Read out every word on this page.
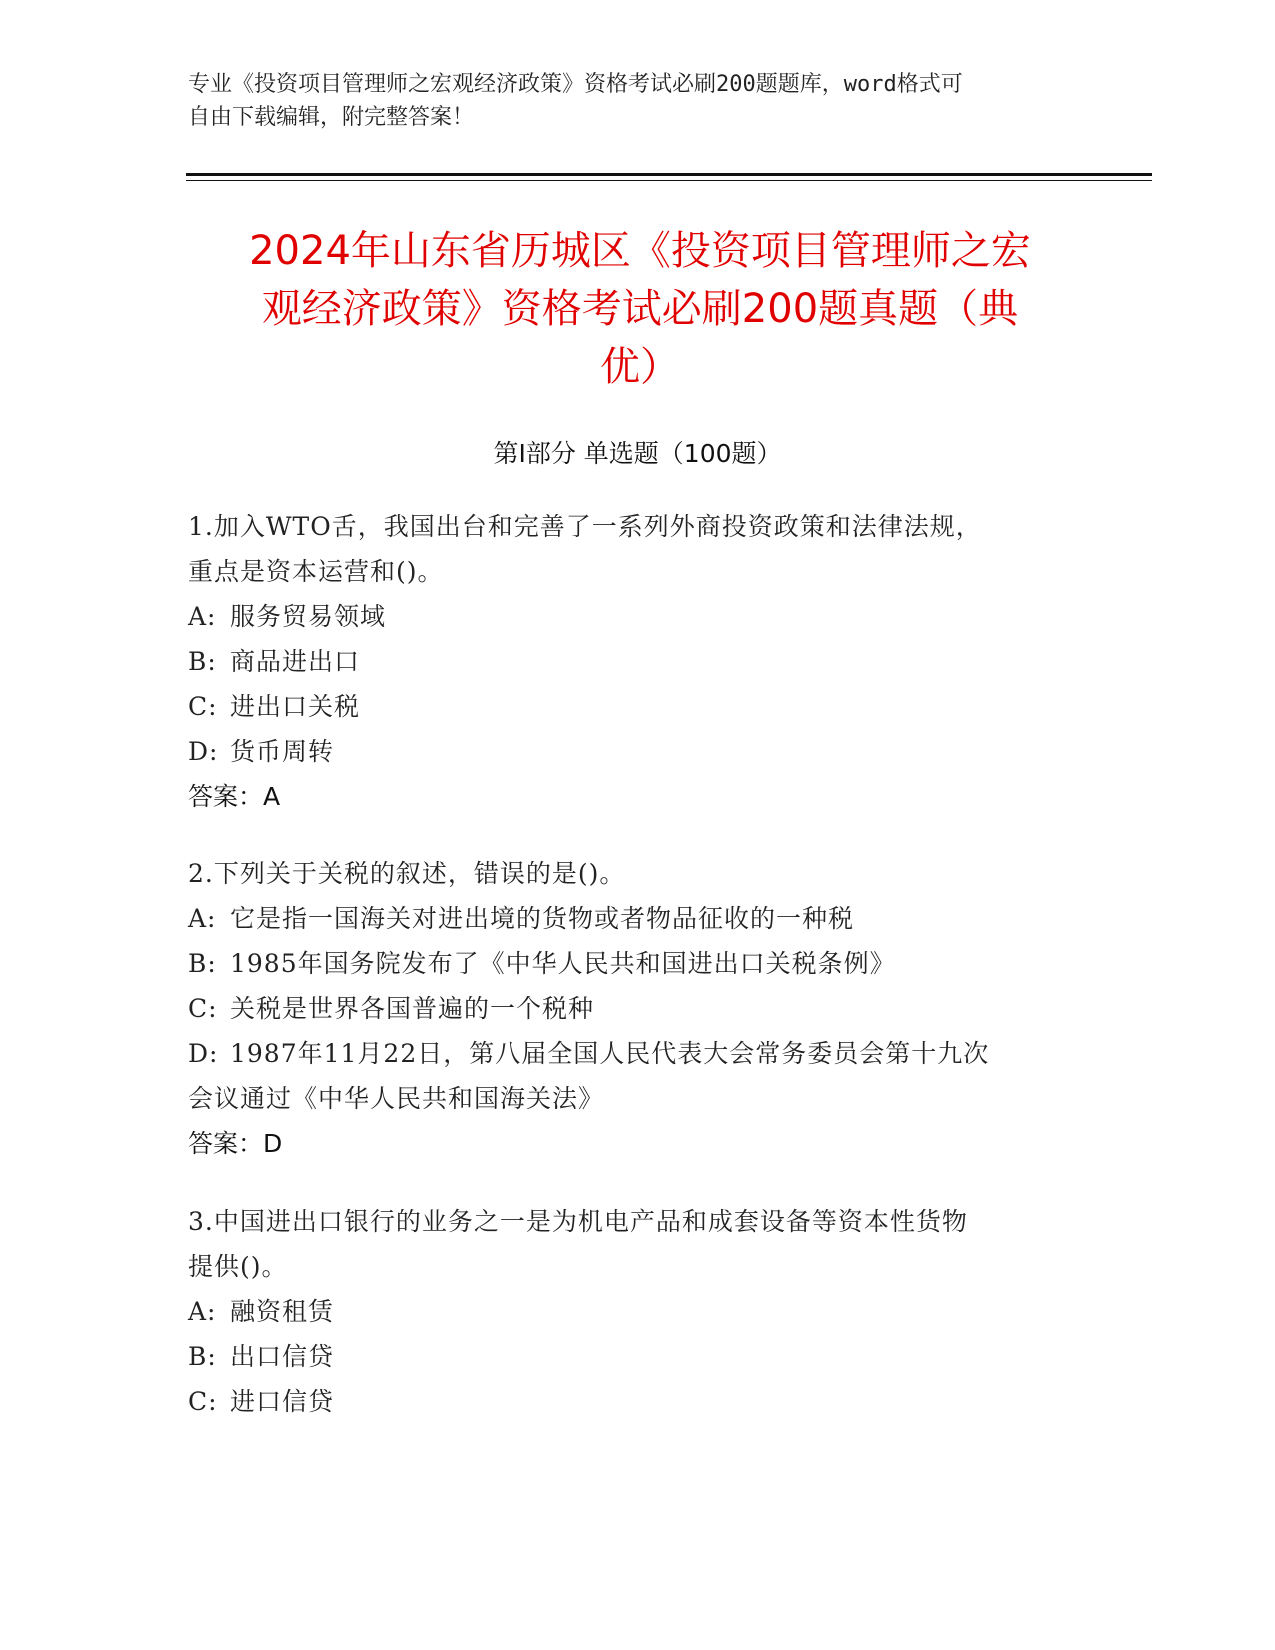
专业《投资项目管理师之宏观经济政策》资格考试必刷200题题库，word格式可
自由下载编辑，附完整答案！
2024年山东省历城区《投资项目管理师之宏
观经济政策》资格考试必刷200题真题（典
优）
第Ⅰ部分 单选题（100题）
1.加入WTO舌，我国出台和完善了一系列外商投资政策和法律法规，
重点是资本运营和()。
A: 服务贸易领域
B: 商品进出口
C: 进出口关税
D: 货币周转
答案：A
2.下列关于关税的叙述，错误的是()。
A: 它是指一国海关对进出境的货物或者物品征收的一种税
B: 1985年国务院发布了《中华人民共和国进出口关税条例》
C: 关税是世界各国普遍的一个税种
D: 1987年11月22日，第八届全国人民代表大会常务委员会第十九次
会议通过《中华人民共和国海关法》
答案：D
3.中国进出口银行的业务之一是为机电产品和成套设备等资本性货物
提供()。
A: 融资租赁
B: 出口信贷
C: 进口信贷
